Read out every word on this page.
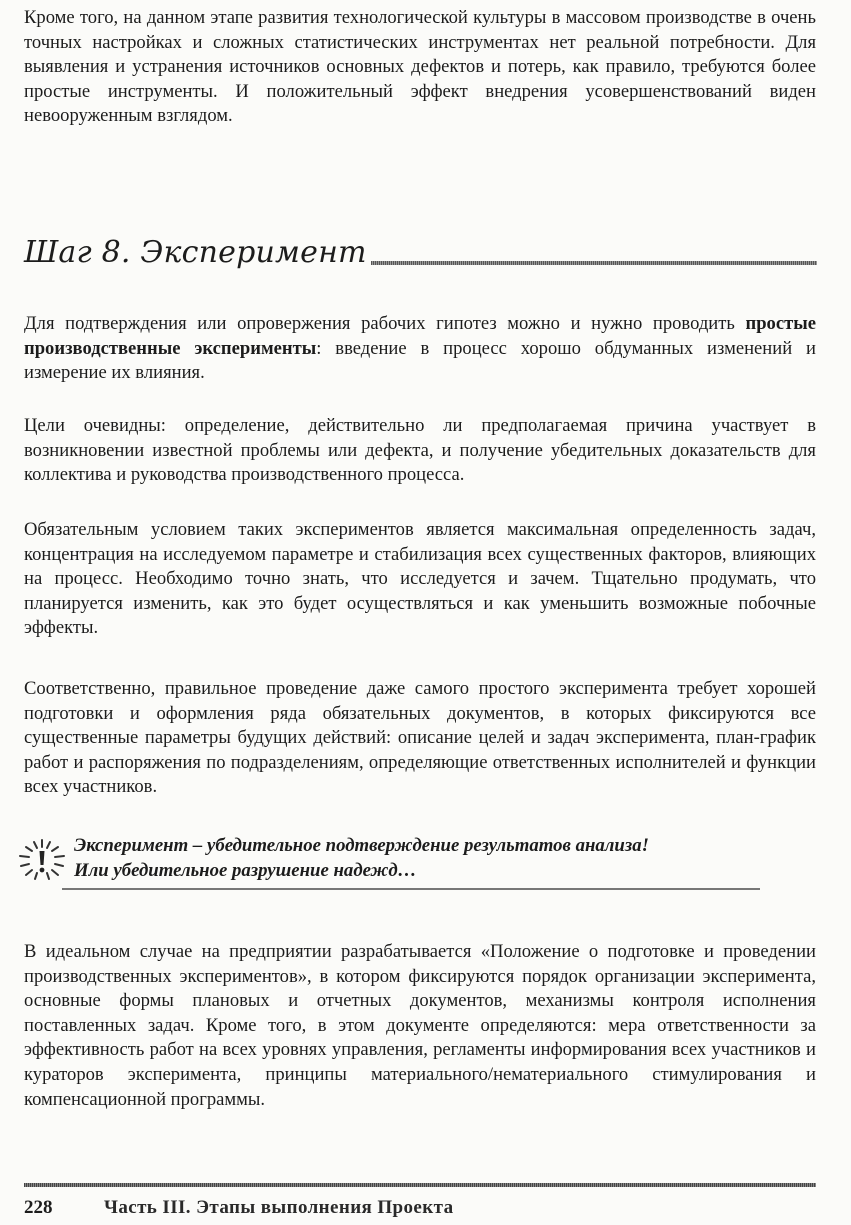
Кроме того, на данном этапе развития технологической культуры в массовом производстве в очень точных настройках и сложных статистических инструментах нет реальной потребности. Для выявления и устранения источников основных дефектов и потерь, как правило, требуются более простые инструменты. И положительный эффект внедрения усовершенствований виден невооруженным взглядом.

Шаг 8. Эксперимент

Для подтверждения или опровержения рабочих гипотез можно и нужно проводить простые производственные эксперименты: введение в процесс хорошо обдуманных изменений и измерение их влияния.

Цели очевидны: определение, действительно ли предполагаемая причина участвует в возникновении известной проблемы или дефекта, и получение убедительных доказательств для коллектива и руководства производственного процесса.

Обязательным условием таких экспериментов является максимальная определенность задач, концентрация на исследуемом параметре и стабилизация всех существенных факторов, влияющих на процесс. Необходимо точно знать, что исследуется и зачем. Тщательно продумать, что планируется изменить, как это будет осуществляться и как уменьшить возможные побочные эффекты.

Соответственно, правильное проведение даже самого простого эксперимента требует хорошей подготовки и оформления ряда обязательных документов, в которых фиксируются все существенные параметры будущих действий: описание целей и задач эксперимента, план-график работ и распоряжения по подразделениям, определяющие ответственных исполнителей и функции всех участников.

Эксперимент – убедительное подтверждение результатов анализа!
Или убедительное разрушение надежд…

В идеальном случае на предприятии разрабатывается «Положение о подготовке и проведении производственных экспериментов», в котором фиксируются порядок организации эксперимента, основные формы плановых и отчетных документов, механизмы контроля исполнения поставленных задач. Кроме того, в этом документе определяются: мера ответственности за эффективность работ на всех уровнях управления, регламенты информирования всех участников и кураторов эксперимента, принципы материального/нематериального стимулирования и компенсационной программы.

228	Часть III. Этапы выполнения Проекта
